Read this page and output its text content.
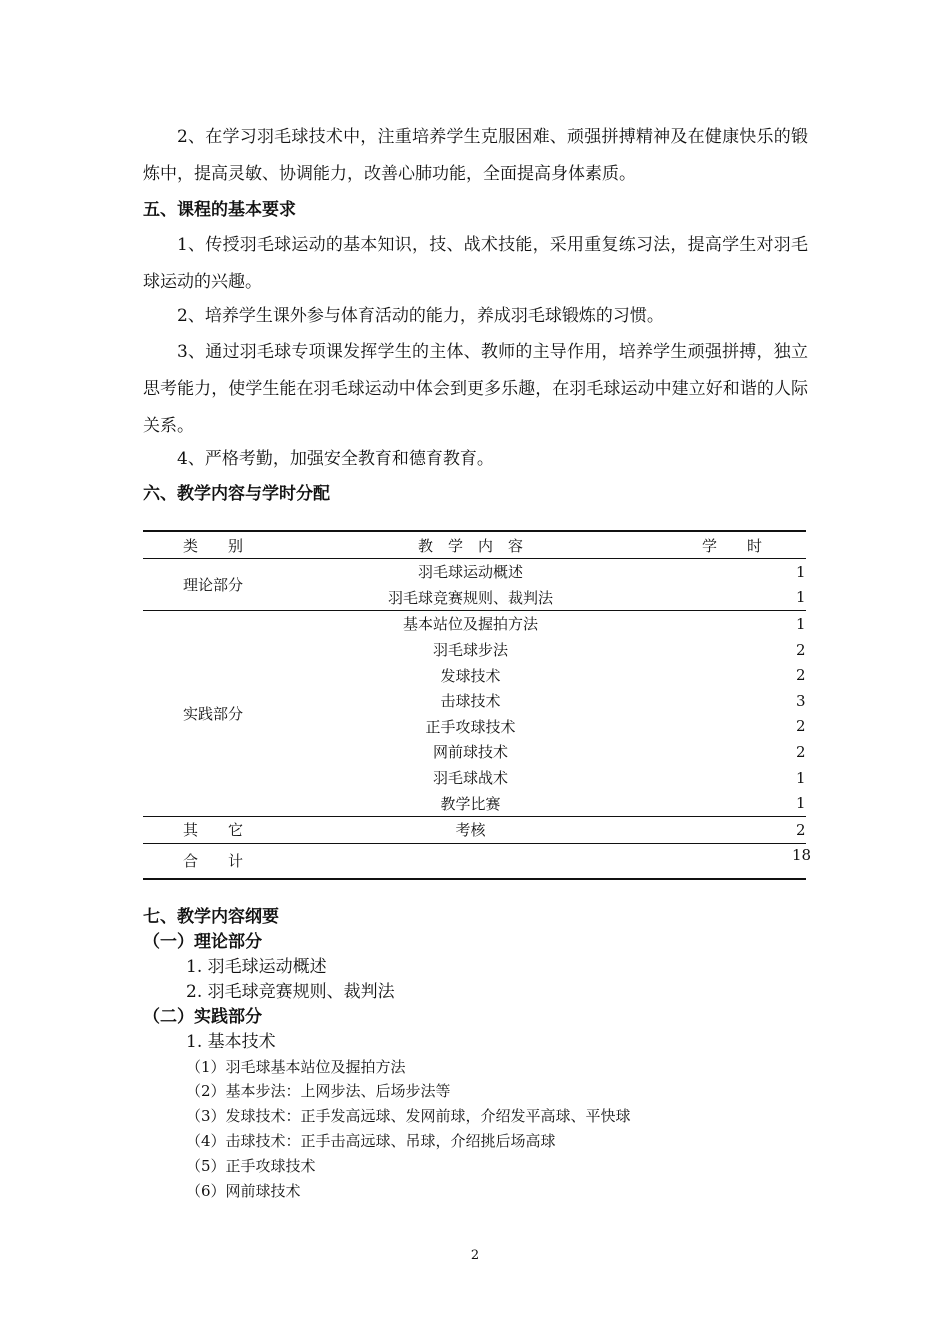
2、在学习羽毛球技术中，注重培养学生克服困难、顽强拼搏精神及在健康快乐的锻炼中，提高灵敏、协调能力，改善心肺功能，全面提高身体素质。

五、课程的基本要求

1、传授羽毛球运动的基本知识，技、战术技能，采用重复练习法，提高学生对羽毛球运动的兴趣。

2、培养学生课外参与体育活动的能力，养成羽毛球锻炼的习惯。

3、通过羽毛球专项课发挥学生的主体、教师的主导作用，培养学生顽强拼搏，独立思考能力，使学生能在羽毛球运动中体会到更多乐趣，在羽毛球运动中建立好和谐的人际关系。

4、严格考勤，加强安全教育和德育教育。

六、教学内容与学时分配
类　　别	教　学　内　容	学　　时
理论部分	羽毛球运动概述	1
	羽毛球竞赛规则、裁判法	1
实践部分	基本站位及握拍方法	1
	羽毛球步法	2
	发球技术	2
	击球技术	3
	正手攻球技术	2
	网前球技术	2
	羽毛球战术	1
	教学比赛	1
其　　它	考核	2
合　　计		18
七、教学内容纲要
（一）理论部分

1. 羽毛球运动概述

2. 羽毛球竞赛规则、裁判法

（二）实践部分

1. 基本技术

（1）羽毛球基本站位及握拍方法

（2）基本步法：上网步法、后场步法等

（3）发球技术：正手发高远球、发网前球，介绍发平高球、平快球

（4）击球技术：正手击高远球、吊球，介绍挑后场高球

（5）正手攻球技术

（6）网前球技术

2
